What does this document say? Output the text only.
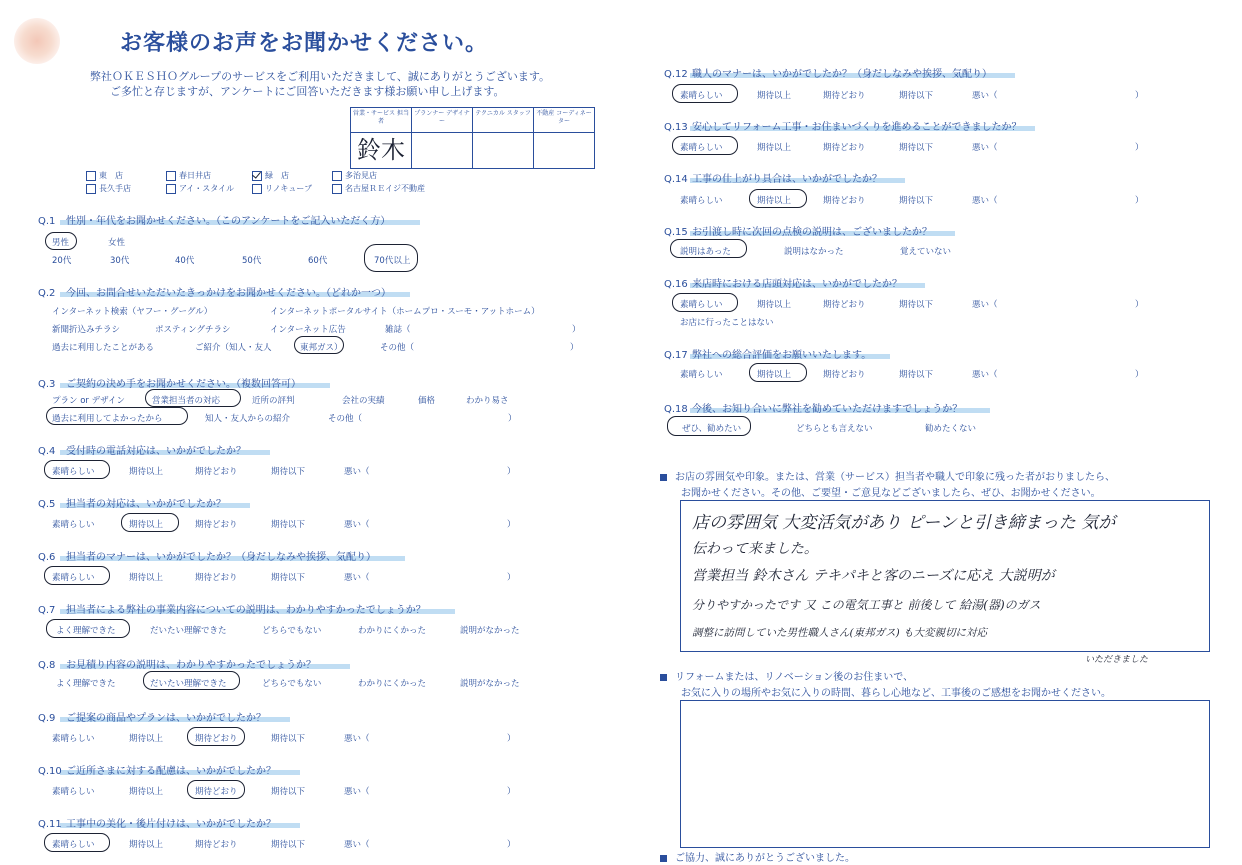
お客様のお声をお聞かせください。
弊社ＯＫＥＳＨＯグループのサービスをご利用いただきまして、誠にありがとうございます。
ご多忙と存じますが、アンケートにご回答いただきます様お願い申し上げます。
営業・サービス 担当者	プランナー デザイナー	テクニカル スタッフ	不動産 コーディネーター
鈴木			
東　店	春日井店	緑　店	多治見店
長久手店	アイ・スタイル	リノキューブ	名古屋ＲＥイジ不動産
Q.1 性別・年代をお聞かせください。（このアンケートをご記入いただく方）
男性	女性
20代	30代	40代	50代	60代	70代以上
Q.2 今回、お問合せいただいたきっかけをお聞かせください。（どれか一つ）
インターネット検索（ヤフー・グーグル）	インターネットポータルサイト（ホームプロ・スーモ・アットホーム）
新聞折込みチラシ	ポスティングチラシ	インターネット広告	雑誌（	）
過去に利用したことがある	ご紹介（知人・友人	東邦ガス）	その他（	）
Q.3 ご契約の決め手をお聞かせください。（複数回答可）
プラン or デザイン	営業担当者の対応	近所の評判	会社の実績	価格	わかり易さ
過去に利用してよかったから	知人・友人からの紹介	その他（	）
Q.4 受付時の電話対応は、いかがでしたか？
Q.5 担当者の対応は、いかがでしたか？
Q.6 担当者のマナーは、いかがでしたか？（身だしなみや挨拶、気配り）
Q.7 担当者による弊社の事業内容についての説明は、わかりやすかったでしょうか？
よく理解できた	だいたい理解できた	どちらでもない	わかりにくかった	説明がなかった
Q.8 お見積り内容の説明は、わかりやすかったでしょうか？
よく理解できた	だいたい理解できた	どちらでもない	わかりにくかった	説明がなかった
Q.9 ご提案の商品やプランは、いかがでしたか？
Q.10 ご近所さまに対する配慮は、いかがでしたか？
Q.11 工事中の美化・後片付けは、いかがでしたか？
Q.12 職人のマナーは、いかがでしたか？（身だしなみや挨拶、気配り）
Q.13 安心してリフォーム工事・お住まいづくりを進めることができましたか？
Q.14 工事の仕上がり具合は、いかがでしたか？
Q.15 お引渡し時に次回の点検の説明は、ございましたか？
説明はあった	説明はなかった	覚えていない
Q.16 来店時における店頭対応は、いかがでしたか？
お店に行ったことはない
Q.17 弊社への総合評価をお願いいたします。
Q.18 今後、お知り合いに弊社を勧めていただけますでしょうか？
ぜひ、勧めたい	どちらとも言えない	勧めたくない
お店の雰囲気や印象。または、営業（サービス）担当者や職人で印象に残った者がおりましたら、
お聞かせください。その他、ご要望・ご意見などございましたら、ぜひ、お聞かせください。
店の雰囲気 大変活気があり ピーンと引き締まった 気が
伝わって来ました。
営業担当 鈴木さん テキパキと客のニーズに応え 大説明が
分りやすかったです 又 この電気工事と 前後して 給湯(器)のガス
調整に訪問していた男性職人さん(東邦ガス) も大変親切に対応
いただきました
リフォームまたは、リノベーション後のお住まいで、
お気に入りの場所やお気に入りの時間、暮らし心地など、工事後のご感想をお聞かせください。
ご協力、誠にありがとうございました。
素晴らしい	期待以上	期待どおり	期待以下	悪い（	）
素晴らしい	期待以上	期待どおり	期待以下	悪い（	）
素晴らしい	期待以上	期待どおり	期待以下	悪い（	）
素晴らしい	期待以上	期待どおり	期待以下	悪い（	）
素晴らしい	期待以上	期待どおり	期待以下	悪い（	）
素晴らしい	期待以上	期待どおり	期待以下	悪い（	）
素晴らしい	期待以上	期待どおり	期待以下	悪い（	）
素晴らしい	期待以上	期待どおり	期待以下	悪い（	）
素晴らしい	期待以上	期待どおり	期待以下	悪い（	）
素晴らしい	期待以上	期待どおり	期待以下	悪い（	）
素晴らしい	期待以上	期待どおり	期待以下	悪い（	）
